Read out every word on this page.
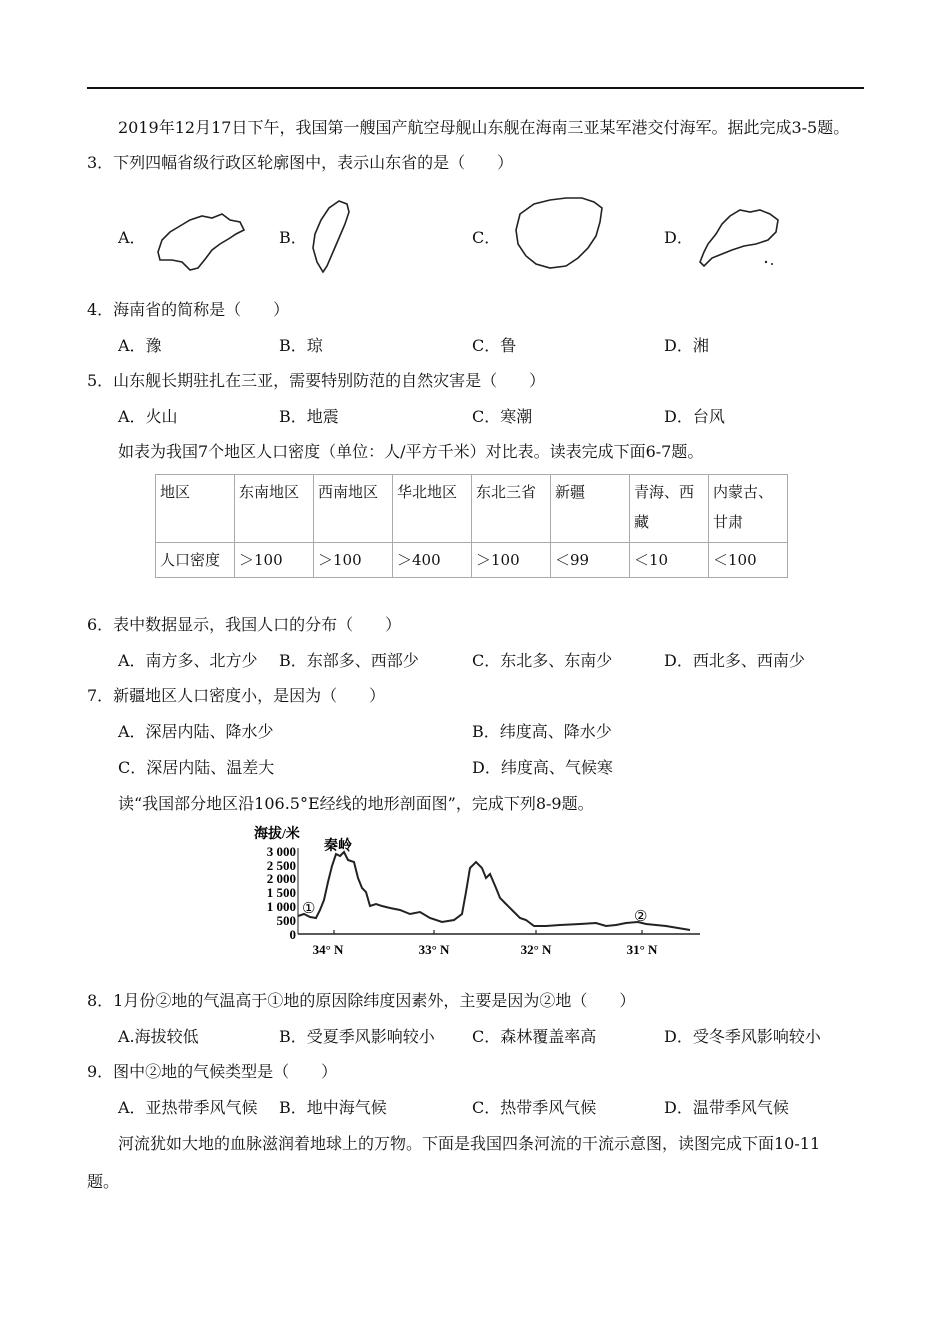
2019年12月17日下午，我国第一艘国产航空母舰山东舰在海南三亚某军港交付海军。据此完成3-5题。
3．下列四幅省级行政区轮廓图中，表示山东省的是（　　）
A．	B．	C．	D．
4．海南省的简称是（　　）
A．豫	B．琼	C．鲁	D．湘
5．山东舰长期驻扎在三亚，需要特别防范的自然灾害是（　　）
A．火山	B．地震	C．寒潮	D．台风
如表为我国7个地区人口密度（单位：人/平方千米）对比表。读表完成下面6-7题。
地区	东南地区	西南地区	华北地区	东北三省	新疆	青海、西藏	内蒙古、甘肃
人口密度	＞100	＞100	＞400	＞100	＜99	＜10	＜100
6．表中数据显示，我国人口的分布（　　）
A．南方多、北方少 B．东部多、西部少	C．东北多、东南少	D．西北多、西南少
7．新疆地区人口密度小，是因为（　　）
A．深居内陆、降水少	B．纬度高、降水少
C．深居内陆、温差大	D．纬度高、气候寒
读“我国部分地区沿106.5°E经线的地形剖面图”，完成下列8-9题。
海拔/米
秦岭
3 000
2 500
2 000
1 500
1 000
500
0
①	②
34° N	33° N	32° N	31° N
8．1月份②地的气温高于①地的原因除纬度因素外，主要是因为②地（　　）
A.海拔较低	B．受夏季风影响较小 C．森林覆盖率高	D．受冬季风影响较小
9．图中②地的气候类型是（　　）
A．亚热带季风气候 B．地中海气候	C．热带季风气候	D．温带季风气候
河流犹如大地的血脉滋润着地球上的万物。下面是我国四条河流的干流示意图，读图完成下面10-11
题。
